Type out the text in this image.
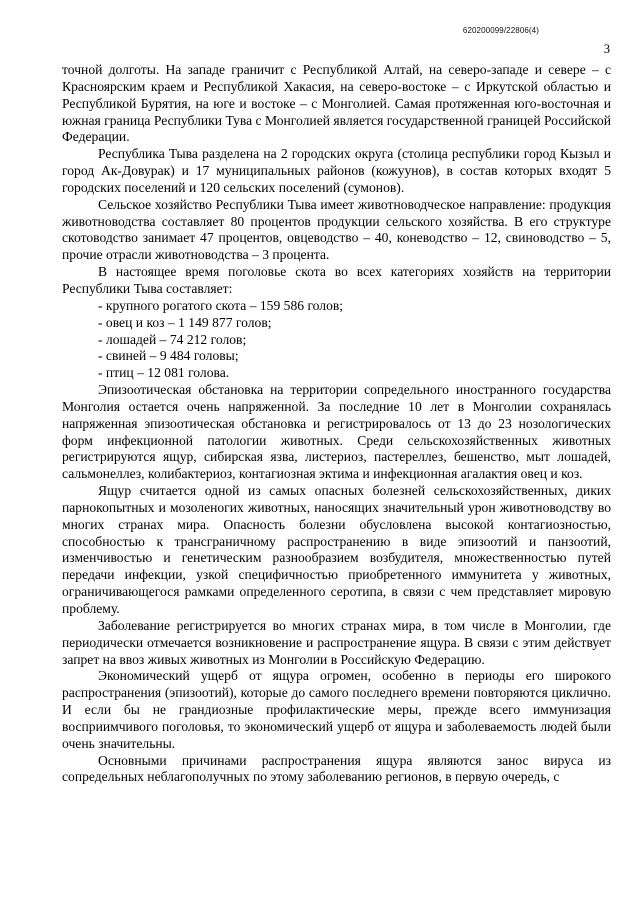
620200099/22806(4)
3

точной долготы. На западе граничит с Республикой Алтай, на северо-западе и севере – с Красноярским краем и Республикой Хакасия, на северо-востоке – с Иркутской областью и Республикой Бурятия, на юге и востоке – с Монголией. Самая протяженная юго-восточная и южная граница Республики Тува с Монголией является государственной границей Российской Федерации.

Республика Тыва разделена на 2 городских округа (столица республики город Кызыл и город Ак-Довурак) и 17 муниципальных районов (кожуунов), в состав которых входят 5 городских поселений и 120 сельских поселений (сумонов).

Сельское хозяйство Республики Тыва имеет животноводческое направление: продукция животноводства составляет 80 процентов продукции сельского хозяйства. В его структуре скотоводство занимает 47 процентов, овцеводство – 40, коневодство – 12, свиноводство – 5, прочие отрасли животноводства – 3 процента.

В настоящее время поголовье скота во всех категориях хозяйств на территории Республики Тыва составляет:

- крупного рогатого скота – 159 586 голов;
- овец и коз – 1 149 877 голов;
- лошадей – 74 212 голов;
- свиней – 9 484 головы;
- птиц – 12 081 голова.

Эпизоотическая обстановка на территории сопредельного иностранного государства Монголия остается очень напряженной. За последние 10 лет в Монголии сохранялась напряженная эпизоотическая обстановка и регистрировалось от 13 до 23 нозологических форм инфекционной патологии животных. Среди сельскохозяйственных животных регистрируются ящур, сибирская язва, листериоз, пастереллез, бешенство, мыт лошадей, сальмонеллез, колибактериоз, контагиозная эктима и инфекционная агалактия овец и коз.

Ящур считается одной из самых опасных болезней сельскохозяйственных, диких парнокопытных и мозоленогих животных, наносящих значительный урон животноводству во многих странах мира. Опасность болезни обусловлена высокой контагиозностью, способностью к трансграничному распространению в виде эпизоотий и панзоотий, изменчивостью и генетическим разнообразием возбудителя, множественностью путей передачи инфекции, узкой специфичностью приобретенного иммунитета у животных, ограничивающегося рамками определенного серотипа, в связи с чем представляет мировую проблему.

Заболевание регистрируется во многих странах мира, в том числе в Монголии, где периодически отмечается возникновение и распространение ящура. В связи с этим действует запрет на ввоз живых животных из Монголии в Российскую Федерацию.

Экономический ущерб от ящура огромен, особенно в периоды его широкого распространения (эпизоотий), которые до самого последнего времени повторяются циклично. И если бы не грандиозные профилактические меры, прежде всего иммунизация восприимчивого поголовья, то экономический ущерб от ящура и заболеваемость людей были очень значительны.

Основными причинами распространения ящура являются занос вируса из сопредельных неблагополучных по этому заболеванию регионов, в первую очередь, с
